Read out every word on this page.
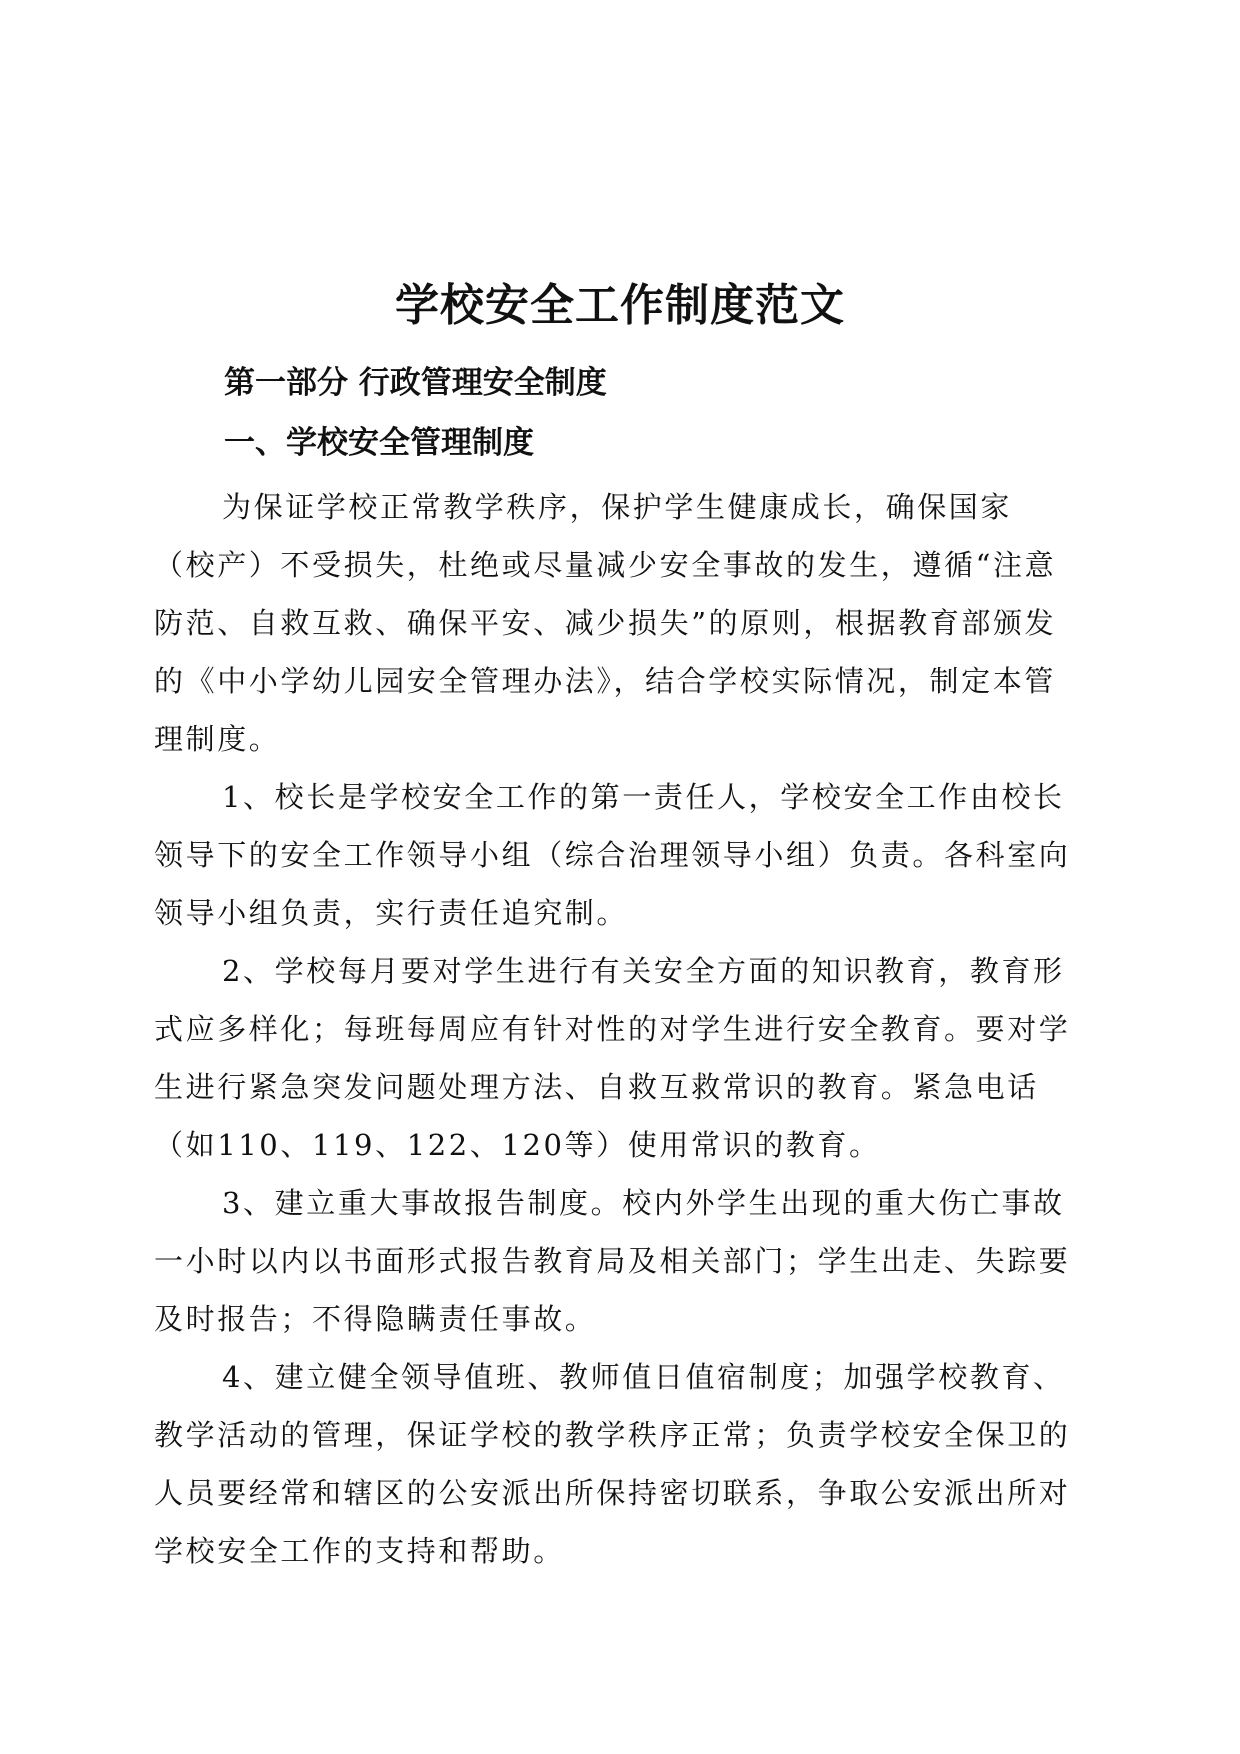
学校安全工作制度范文
第一部分 行政管理安全制度
一、学校安全管理制度

为保证学校正常教学秩序，保护学生健康成长，确保国家（校产）不受损失，杜绝或尽量减少安全事故的发生，遵循“注意防范、自救互救、确保平安、减少损失”的原则，根据教育部颁发的《中小学幼儿园安全管理办法》，结合学校实际情况，制定本管理制度。

1、校长是学校安全工作的第一责任人，学校安全工作由校长领导下的安全工作领导小组（综合治理领导小组）负责。各科室向领导小组负责，实行责任追究制。

2、学校每月要对学生进行有关安全方面的知识教育，教育形式应多样化；每班每周应有针对性的对学生进行安全教育。要对学生进行紧急突发问题处理方法、自救互救常识的教育。紧急电话（如110、119、122、120等）使用常识的教育。

3、建立重大事故报告制度。校内外学生出现的重大伤亡事故一小时以内以书面形式报告教育局及相关部门；学生出走、失踪要及时报告；不得隐瞒责任事故。

4、建立健全领导值班、教师值日值宿制度；加强学校教育、教学活动的管理，保证学校的教学秩序正常；负责学校安全保卫的人员要经常和辖区的公安派出所保持密切联系，争取公安派出所对学校安全工作的支持和帮助。
